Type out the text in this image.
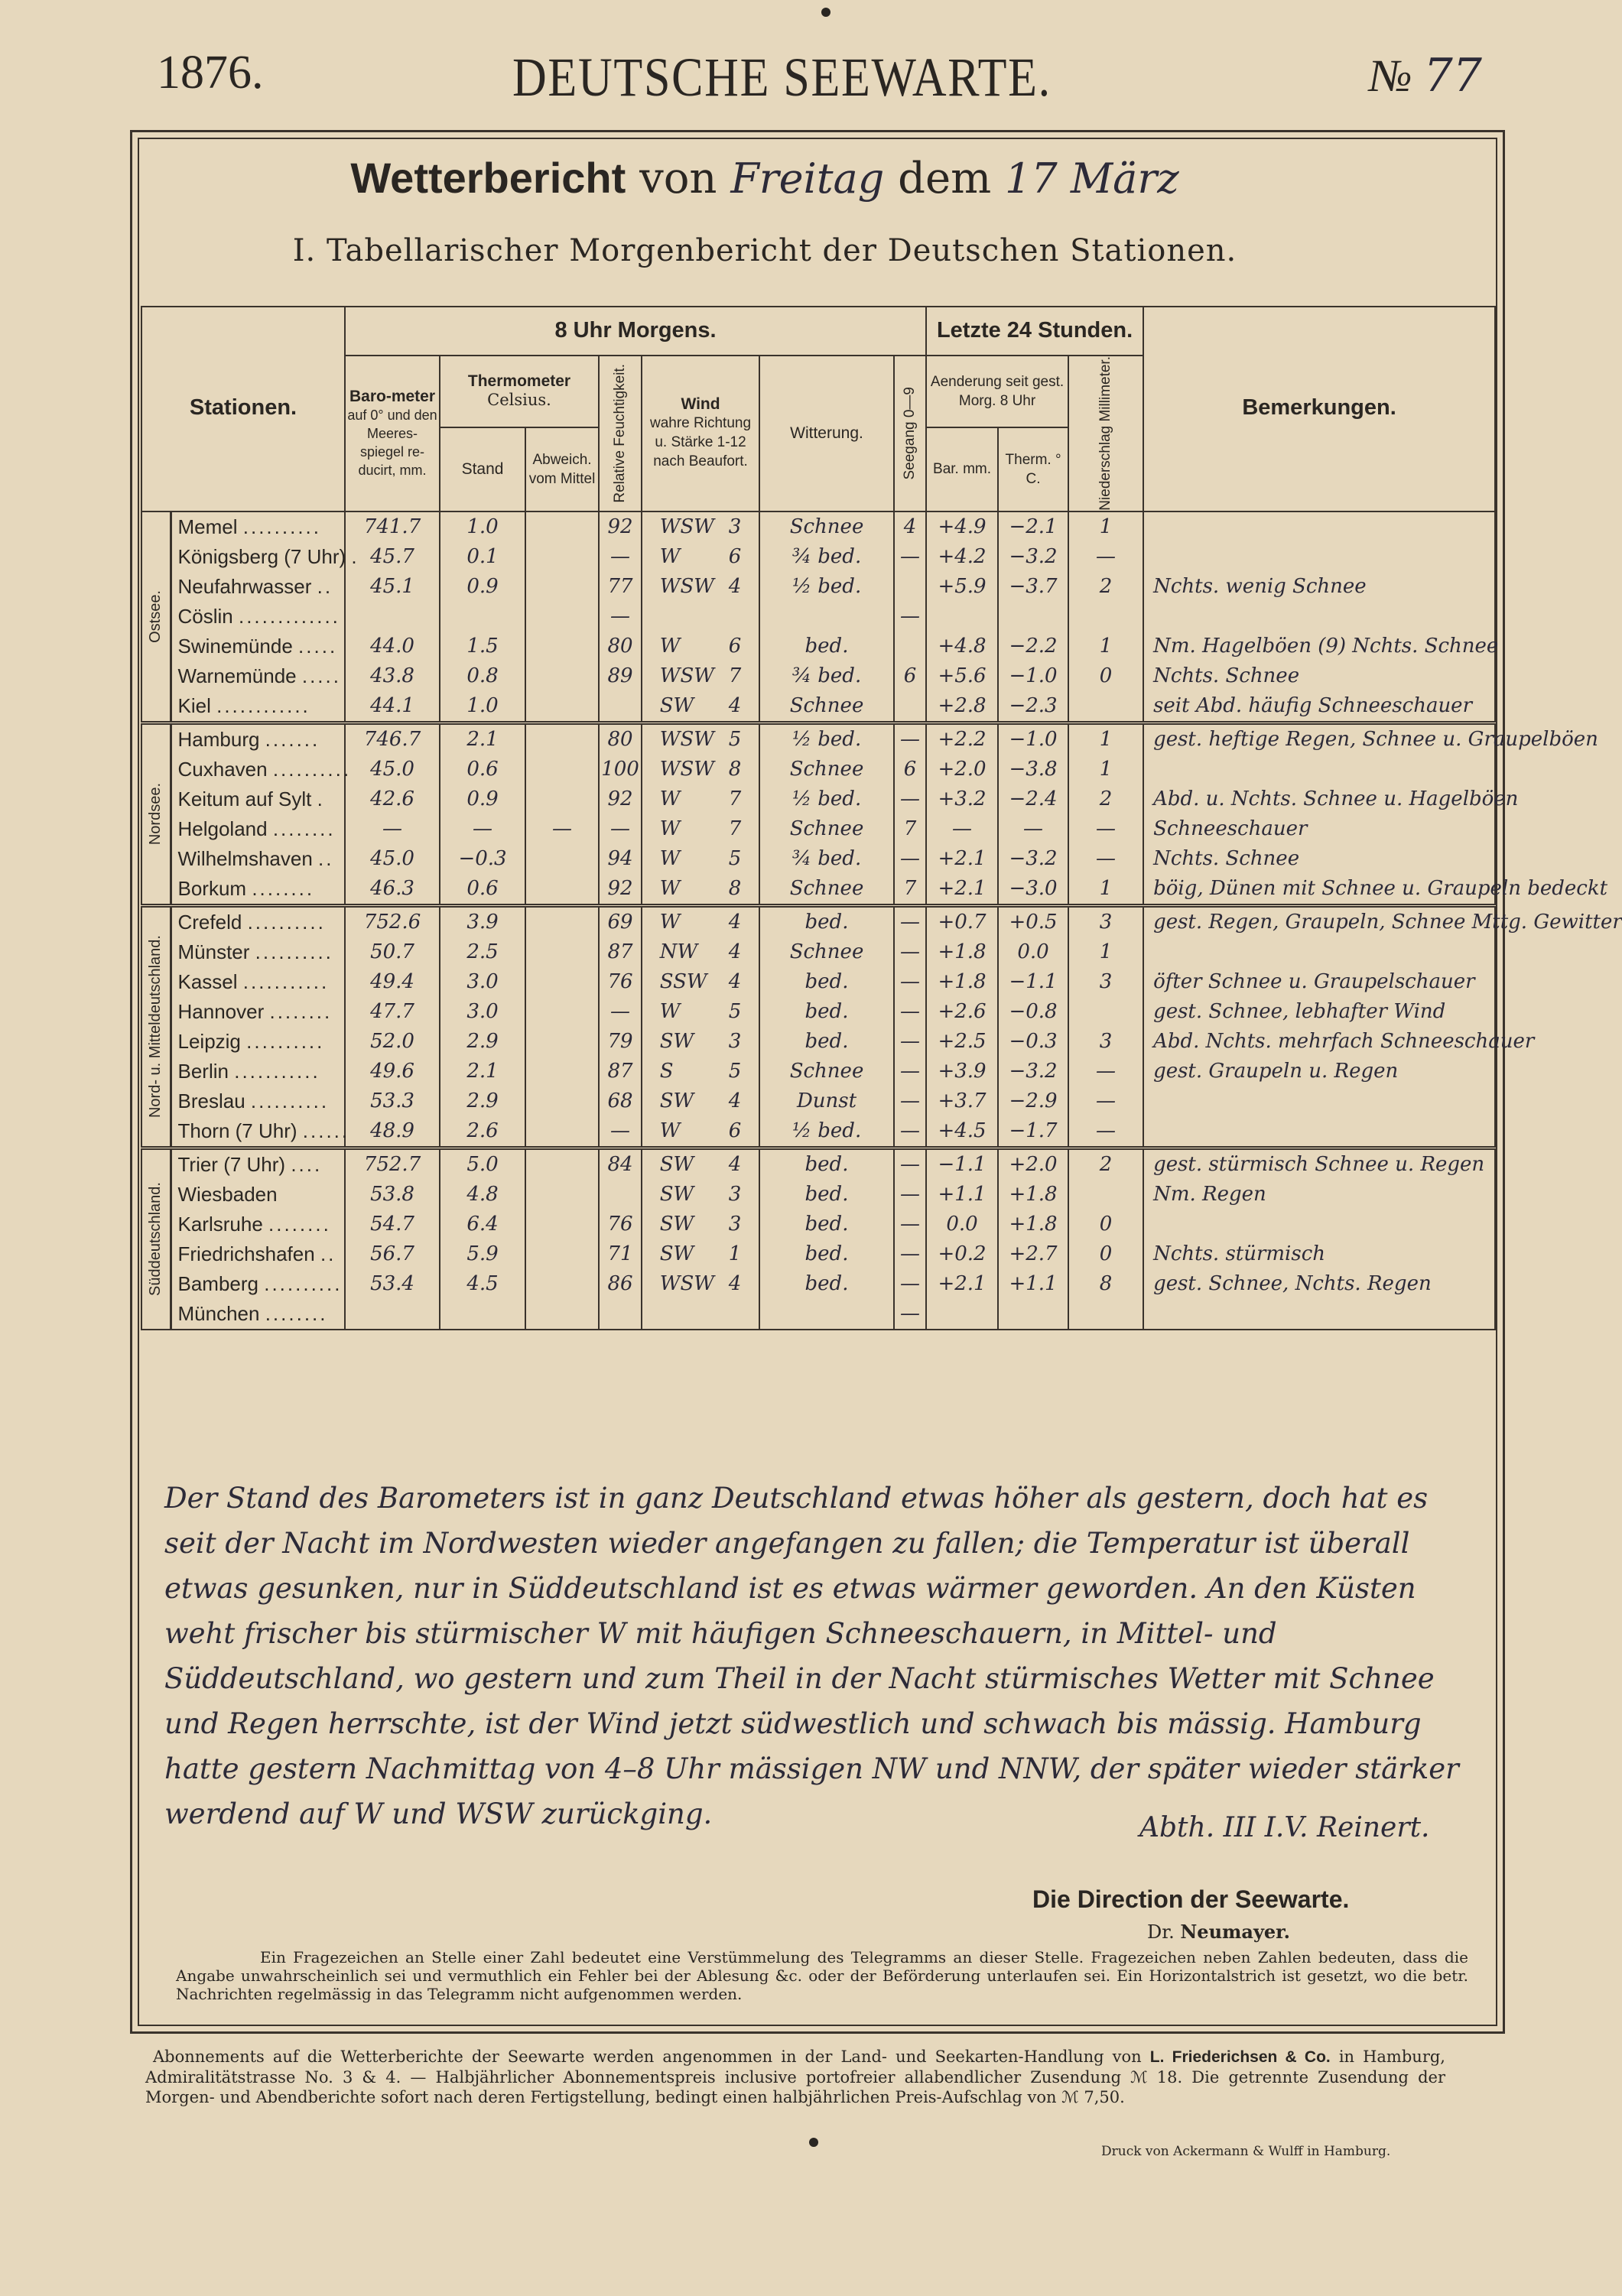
1876.	DEUTSCHE SEEWARTE.	№ 77
Wetterbericht von Freitag dem 17 März
I. Tabellarischer Morgenbericht der Deutschen Stationen.
Stationen.		8 Uhr Morgens.							Letzte 24 Stunden.			Bemerkungen.
		Baro-meter
auf 0° und den Meeres-spiegel re-ducirt, mm.	Thermometer
Celsius.		Relative Feuchtigkeit.	Wind
wahre Richtung u. Stärke 1-12 nach Beaufort.	Witterung.	Seegang 0—9	Aenderung seit gest. Morg. 8 Uhr		Niederschlag Millimeter.	

			Stand	Abweich. vom Mittel					Bar. mm.	Therm. ° C.		

Ostsee.	Memel ..........	741.7	1.0		92	WSW 3	Schnee	4	+4.9	−2.1	1	
	Königsberg (7 Uhr) .	45.7	0.1		—	W 6	¾ bed.	—	+4.2	−3.2	—	
	Neufahrwasser ..	45.1	0.9		77	WSW 4	½ bed.		+5.9	−3.7	2	Nchts. wenig Schnee
	Cöslin .............				—			—				
	Swinemünde .....	44.0	1.5		80	W 6	bed.		+4.8	−2.2	1	Nm. Hagelböen (9) Nchts. Schnee
	Warnemünde .....	43.8	0.8		89	WSW 7	¾ bed.	6	+5.6	−1.0	0	Nchts. Schnee
	Kiel ............	44.1	1.0			SW 4	Schnee		+2.8	−2.3		seit Abd. häufig Schneeschauer

Nordsee.	Hamburg .......	746.7	2.1		80	WSW 5	½ bed.	—	+2.2	−1.0	1	gest. heftige Regen, Schnee u. Graupelböen
	Cuxhaven ..........	45.0	0.6		100	WSW 8	Schnee	6	+2.0	−3.8	1	
	Keitum auf Sylt .	42.6	0.9		92	W 7	½ bed.	—	+3.2	−2.4	2	Abd. u. Nchts. Schnee u. Hagelböen
	Helgoland ........	—	—	—	—	W 7	Schnee	7	—	—	—	Schneeschauer
	Wilhelmshaven ..	45.0	−0.3		94	W 5	¾ bed.	—	+2.1	−3.2	—	Nchts. Schnee
	Borkum ........	46.3	0.6		92	W 8	Schnee	7	+2.1	−3.0	1	böig, Dünen mit Schnee u. Graupeln bedeckt

Nord- u. Mitteldeutschland.	Crefeld ..........	752.6	3.9		69	W 4	bed.	—	+0.7	+0.5	3	gest. Regen, Graupeln, Schnee Mttg. Gewitter
	Münster ..........	50.7	2.5		87	NW 4	Schnee	—	+1.8	0.0	1	
	Kassel ...........	49.4	3.0		76	SSW 4	bed.	—	+1.8	−1.1	3	öfter Schnee u. Graupelschauer
	Hannover ........	47.7	3.0		—	W 5	bed.	—	+2.6	−0.8		gest. Schnee, lebhafter Wind
	Leipzig ..........	52.0	2.9		79	SW 3	bed.	—	+2.5	−0.3	3	Abd. Nchts. mehrfach Schneeschauer
	Berlin ...........	49.6	2.1		87	S 5	Schnee	—	+3.9	−3.2	—	gest. Graupeln u. Regen
	Breslau ..........	53.3	2.9		68	SW 4	Dunst	—	+3.7	−2.9	—	
	Thorn (7 Uhr) ......	48.9	2.6		—	W 6	½ bed.	—	+4.5	−1.7	—	

Süddeutschland.	Trier (7 Uhr) ....	752.7	5.0		84	SW 4	bed.	—	−1.1	+2.0	2	gest. stürmisch Schnee u. Regen
	Wiesbaden	53.8	4.8			SW 3	bed.	—	+1.1	+1.8		Nm. Regen
	Karlsruhe ........	54.7	6.4		76	SW 3	bed.	—	0.0	+1.8	0	
	Friedrichshafen ..	56.7	5.9		71	SW 1	bed.	—	+0.2	+2.7	0	Nchts. stürmisch
	Bamberg ..........	53.4	4.5		86	WSW 4	bed.	—	+2.1	+1.1	8	gest. Schnee, Nchts. Regen
	München ........							—				
Der Stand des Barometers ist in ganz Deutschland etwas höher als gestern, doch hat es seit der Nacht im Nordwesten wieder angefangen zu fallen; die Temperatur ist überall etwas gesunken, nur in Süddeutschland ist es etwas wärmer geworden. An den Küsten weht frischer bis stürmischer W mit häufigen Schneeschauern, in Mittel- und Süddeutschland, wo gestern und zum Theil in der Nacht stürmisches Wetter mit Schnee und Regen herrschte, ist der Wind jetzt südwestlich und schwach bis mässig. Hamburg hatte gestern Nachmittag von 4–8 Uhr mässigen NW und NNW, der später wieder stärker werdend auf W und WSW zurückging.	Abth. III I.V. Reinert.
Die Direction der Seewarte.
Dr. Neumayer.

Ein Fragezeichen an Stelle einer Zahl bedeutet eine Verstümmelung des Telegramms an dieser Stelle. Fragezeichen neben Zahlen bedeuten, dass die Angabe unwahrscheinlich sei und vermuthlich ein Fehler bei der Ablesung &c. oder der Beförderung unterlaufen sei. Ein Horizontalstrich ist gesetzt, wo die betr. Nachrichten regelmässig in das Telegramm nicht aufgenommen werden.

Abonnements auf die Wetterberichte der Seewarte werden angenommen in der Land- und Seekarten-Handlung von L. Friederichsen & Co. in Hamburg, Admiralitätstrasse No. 3 & 4. — Halbjährlicher Abonnementspreis inclusive portofreier allabendlicher Zusendung ℳ 18. Die getrennte Zusendung der Morgen- und Abendberichte sofort nach deren Fertigstellung, bedingt einen halbjährlichen Preis-Aufschlag von ℳ 7,50.

Druck von Ackermann & Wulff in Hamburg.
